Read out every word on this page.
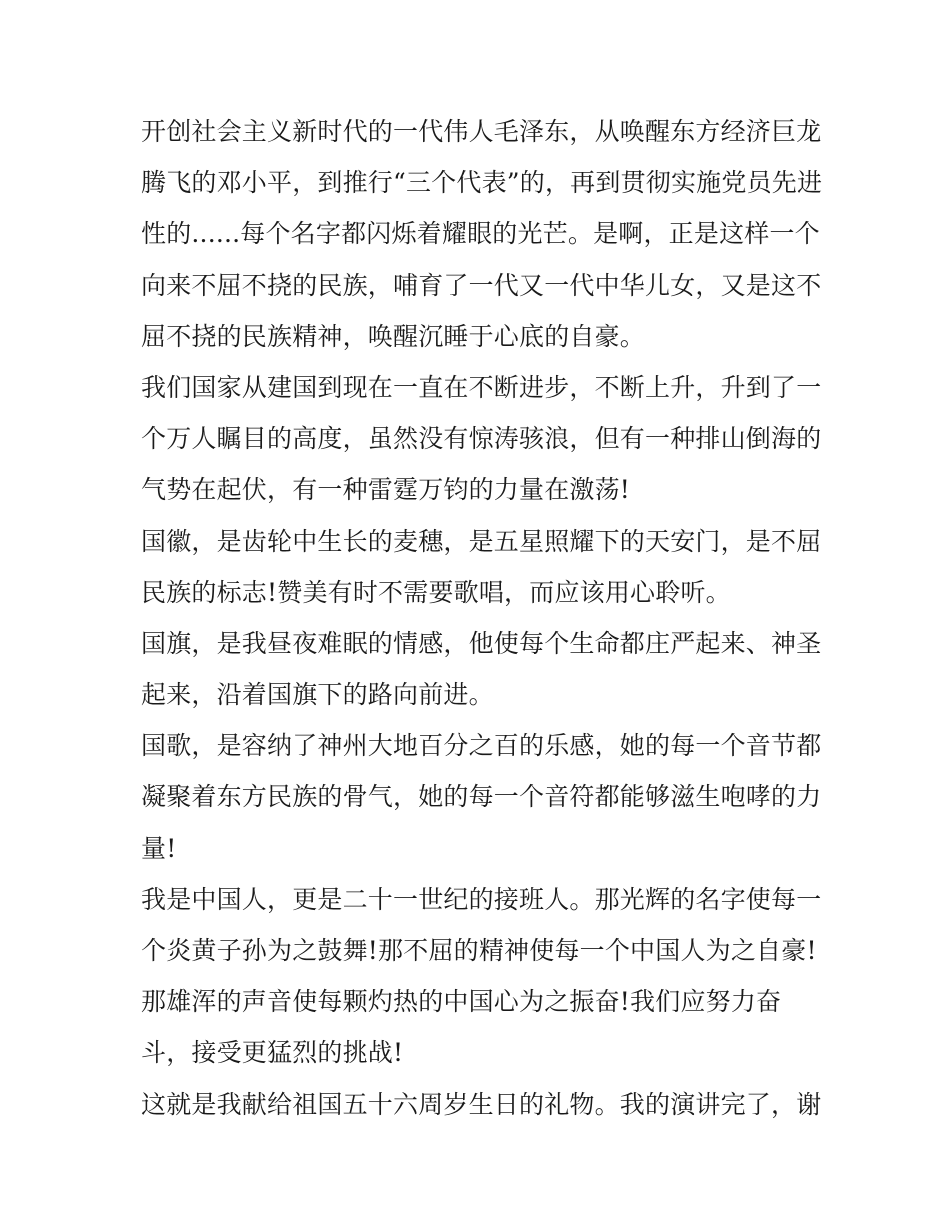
开创社会主义新时代的一代伟人毛泽东，从唤醒东方经济巨龙
腾飞的邓小平，到推行“三个代表”的，再到贯彻实施党员先进
性的......每个名字都闪烁着耀眼的光芒。是啊，正是这样一个
向来不屈不挠的民族，哺育了一代又一代中华儿女，又是这不
屈不挠的民族精神，唤醒沉睡于心底的自豪。
我们国家从建国到现在一直在不断进步，不断上升，升到了一
个万人瞩目的高度，虽然没有惊涛骇浪，但有一种排山倒海的
气势在起伏，有一种雷霆万钧的力量在激荡!
国徽，是齿轮中生长的麦穗，是五星照耀下的天安门，是不屈
民族的标志!赞美有时不需要歌唱，而应该用心聆听。
国旗，是我昼夜难眠的情感，他使每个生命都庄严起来、神圣
起来，沿着国旗下的路向前进。
国歌，是容纳了神州大地百分之百的乐感，她的每一个音节都
凝聚着东方民族的骨气，她的每一个音符都能够滋生咆哮的力
量!
我是中国人，更是二十一世纪的接班人。那光辉的名字使每一
个炎黄子孙为之鼓舞!那不屈的精神使每一个中国人为之自豪!
那雄浑的声音使每颗灼热的中国心为之振奋!我们应努力奋
斗，接受更猛烈的挑战!
这就是我献给祖国五十六周岁生日的礼物。我的演讲完了，谢
